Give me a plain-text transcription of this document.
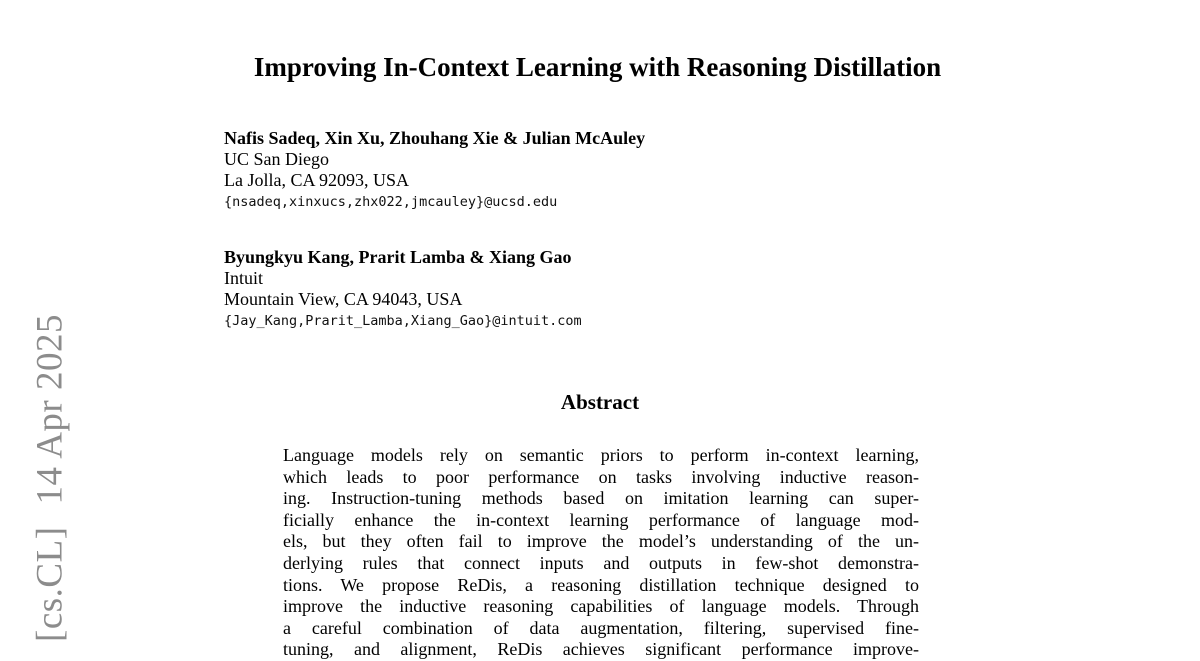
[cs.CL]14 Apr 2025
Improving In-Context Learning with Reasoning Distillation
Nafis Sadeq, Xin Xu, Zhouhang Xie & Julian McAuley
UC San Diego
La Jolla, CA 92093, USA
{nsadeq,xinxucs,zhx022,jmcauley}@ucsd.edu
Byungkyu Kang, Prarit Lamba & Xiang Gao
Intuit
Mountain View, CA 94043, USA
{Jay_Kang,Prarit_Lamba,Xiang_Gao}@intuit.com
Abstract
Language models rely on semantic priors to perform in-context learning,
which leads to poor performance on tasks involving inductive reason-
ing. Instruction-tuning methods based on imitation learning can super-
ficially enhance the in-context learning performance of language mod-
els, but they often fail to improve the model’s understanding of the un-
derlying rules that connect inputs and outputs in few-shot demonstra-
tions. We propose ReDis, a reasoning distillation technique designed to
improve the inductive reasoning capabilities of language models. Through
a careful combination of data augmentation, filtering, supervised fine-
tuning, and alignment, ReDis achieves significant performance improve-
